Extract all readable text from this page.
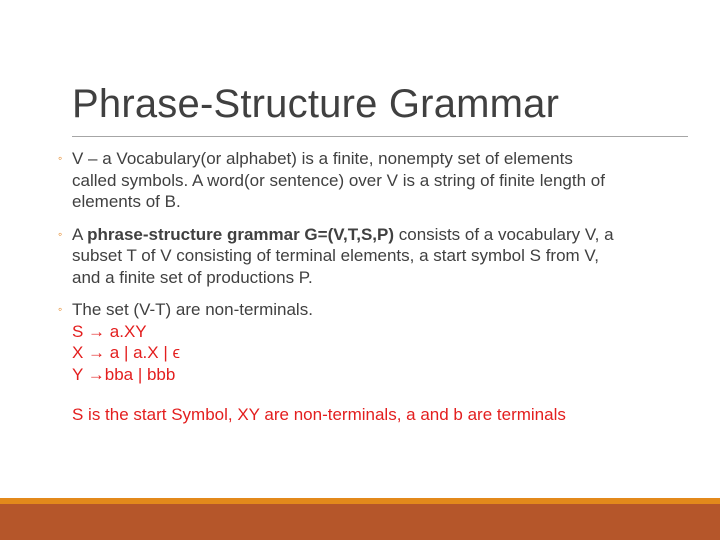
Phrase-Structure Grammar
◦ V – a Vocabulary(or alphabet) is a finite, nonempty set of elements
called symbols. A word(or sentence) over V is a string of finite length of
elements of B.
◦ A phrase-structure grammar G=(V,T,S,P) consists of a vocabulary V, a
subset T of V consisting of terminal elements, a start symbol S from V,
and a finite set of productions P.
◦ The set (V-T) are non-terminals.
S → a.XY
X → a | a.X | ϵ
Y →bba | bbb
S is the start Symbol, XY are non-terminals, a and b are terminals
